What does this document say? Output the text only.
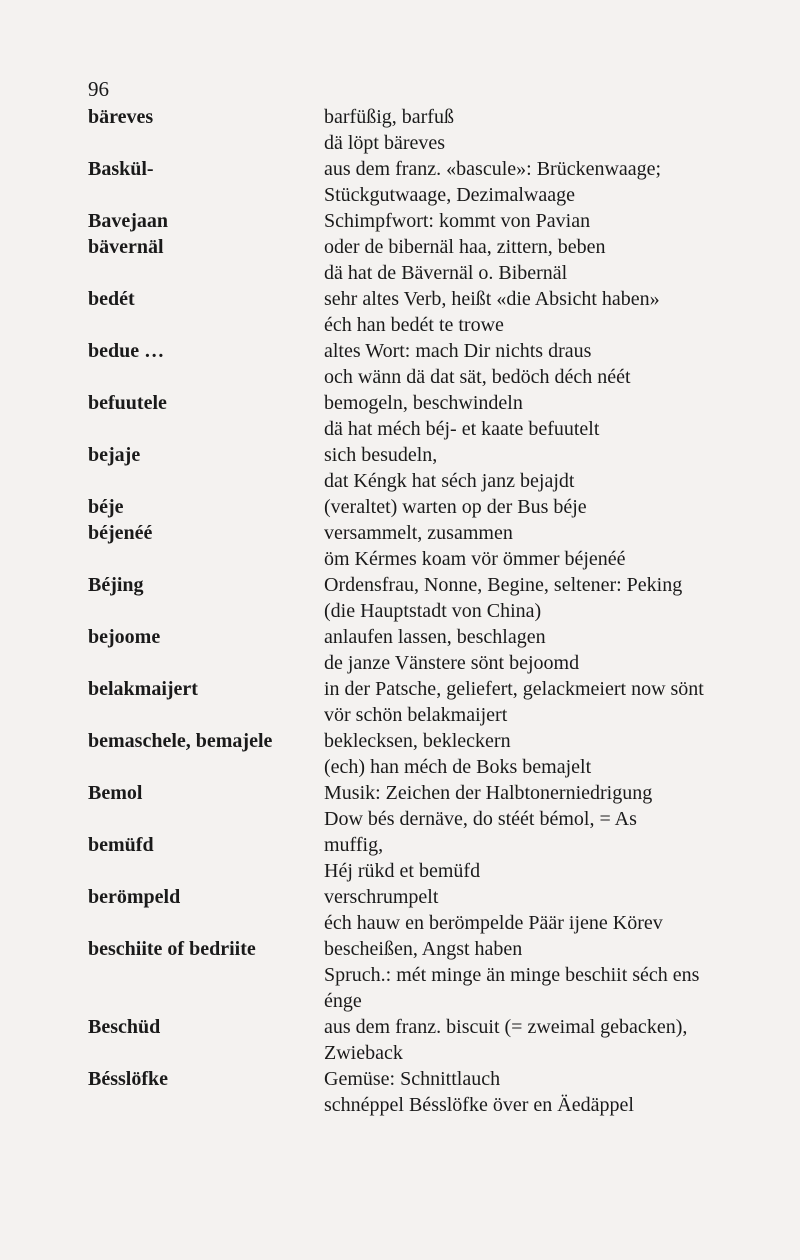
96
bäreves	barfüßig, barfuß
dä löpt bäreves
Baskül-	aus dem franz. «bascule»: Brückenwaage;
Stückgutwaage, Dezimalwaage
Bavejaan	Schimpfwort: kommt von Pavian
bävernäl	oder de bibernäl haa, zittern, beben
dä hat de Bävernäl o. Bibernäl
bedét	sehr altes Verb, heißt «die Absicht haben»
éch han bedét te trowe
bedue …	altes Wort: mach Dir nichts draus
och wänn dä dat sät, bedöch déch néét
befuutele	bemogeln, beschwindeln
dä hat méch béj- et kaate befuutelt
bejaje	sich besudeln,
dat Kéngk hat séch janz bejajdt
béje	(veraltet) warten op der Bus béje
béjenéé	versammelt, zusammen
öm Kérmes koam vör ömmer béjenéé
Béjing	Ordensfrau, Nonne, Begine, seltener: Peking
(die Hauptstadt von China)
bejoome	anlaufen lassen, beschlagen
de janze Vänstere sönt bejoomd
belakmaijert	in der Patsche, geliefert, gelackmeiert now sönt
vör schön belakmaijert
bemaschele, bemajele	beklecksen, bekleckern
(ech) han méch de Boks bemajelt
Bemol	Musik: Zeichen der Halbtonerniedrigung
Dow bés dernäve, do stéét bémol, = As
bemüfd	muffig,
Héj rükd et bemüfd
berömpeld	verschrumpelt
éch hauw en berömpelde Päär ijene Körev
beschiite of bedriite	bescheißen, Angst haben
Spruch.: mét minge än minge beschiit séch ens
énge
Beschüd	aus dem franz. biscuit (= zweimal gebacken),
Zwieback
Bésslöfke	Gemüse: Schnittlauch
schnéppel Bésslöfke över en Äedäppel
